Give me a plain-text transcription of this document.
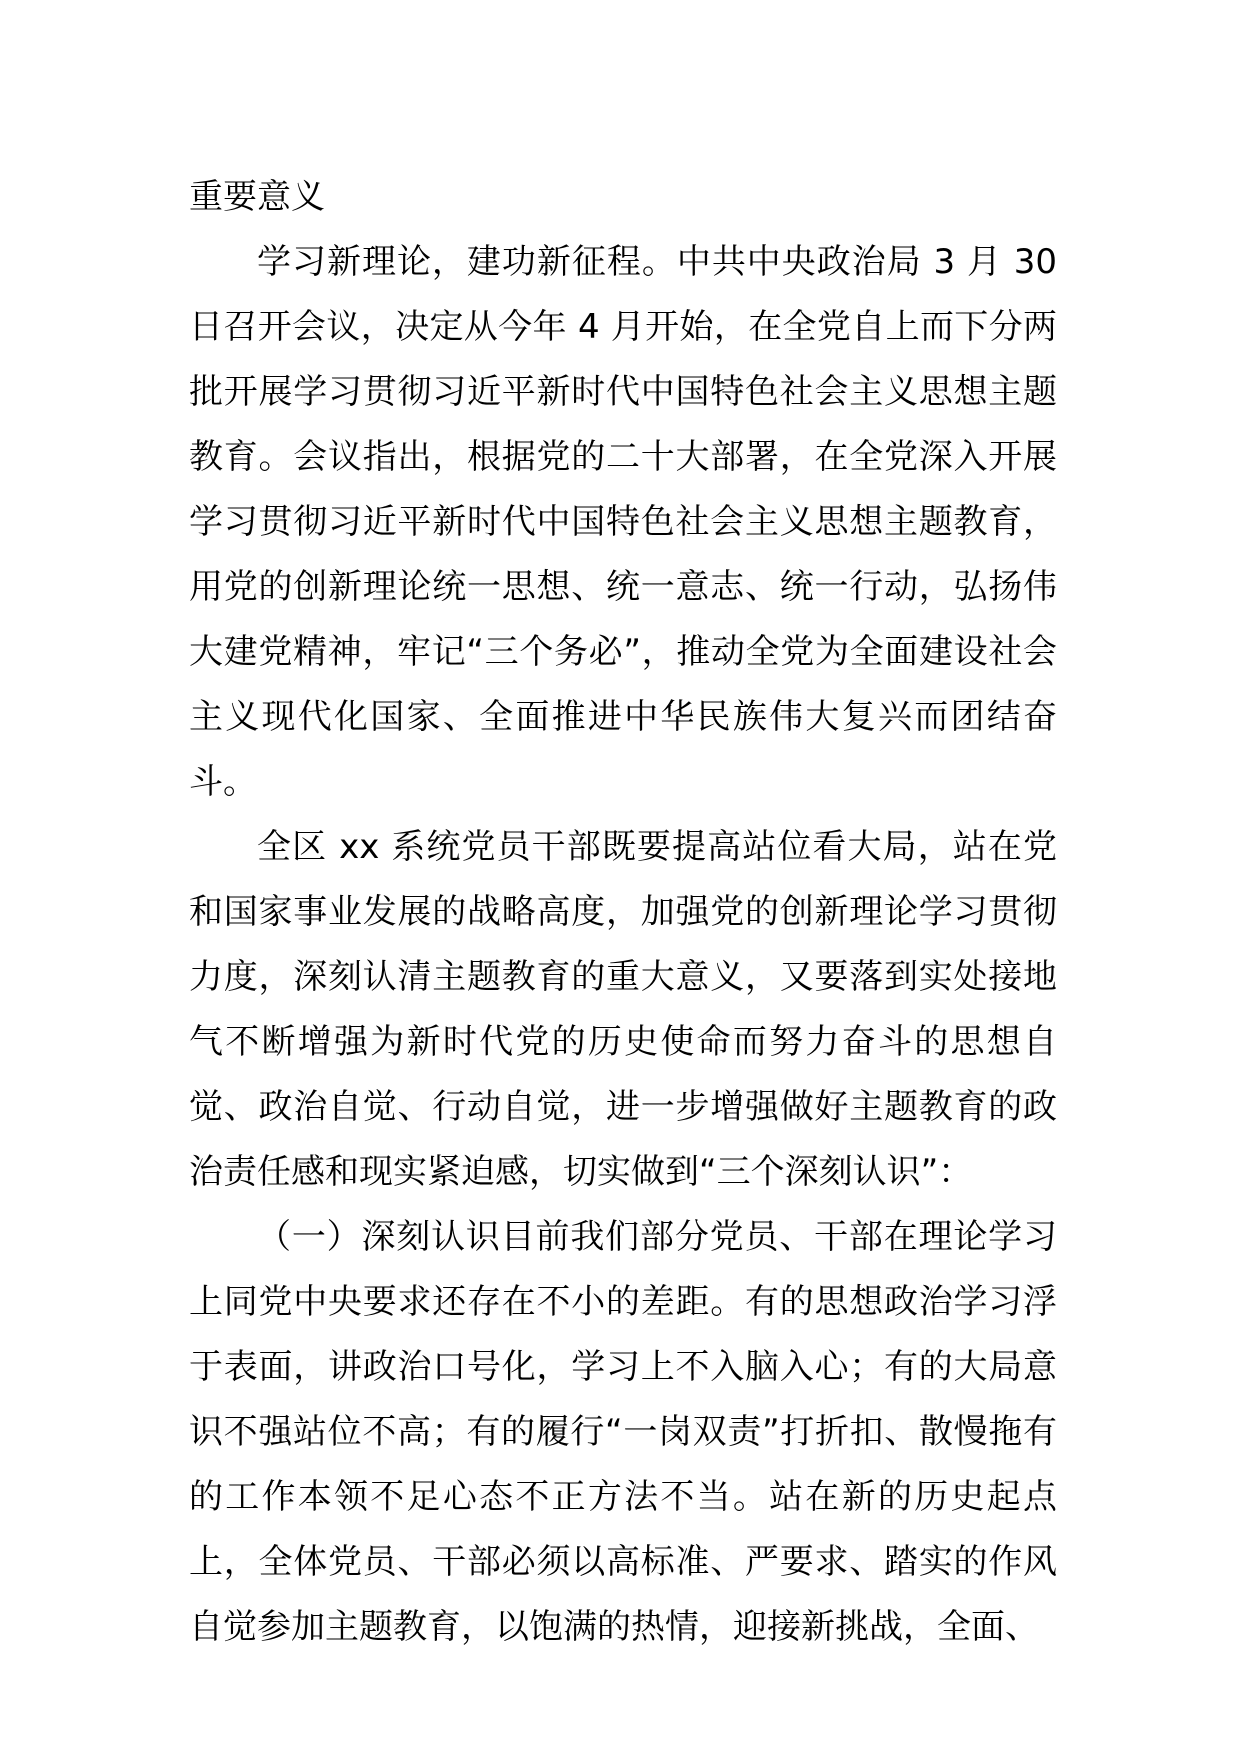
重要意义

学习新理论，建功新征程。中共中央政治局 3 月 30 日召开会议，决定从今年 4 月开始，在全党自上而下分两批开展学习贯彻习近平新时代中国特色社会主义思想主题教育。会议指出，根据党的二十大部署，在全党深入开展学习贯彻习近平新时代中国特色社会主义思想主题教育，用党的创新理论统一思想、统一意志、统一行动，弘扬伟大建党精神，牢记“三个务必”，推动全党为全面建设社会主义现代化国家、全面推进中华民族伟大复兴而团结奋斗。

全区 xx 系统党员干部既要提高站位看大局，站在党和国家事业发展的战略高度，加强党的创新理论学习贯彻力度，深刻认清主题教育的重大意义，又要落到实处接地气不断增强为新时代党的历史使命而努力奋斗的思想自觉、政治自觉、行动自觉，进一步增强做好主题教育的政治责任感和现实紧迫感，切实做到“三个深刻认识”：

（一）深刻认识目前我们部分党员、干部在理论学习上同党中央要求还存在不小的差距。有的思想政治学习浮于表面，讲政治口号化，学习上不入脑入心；有的大局意识不强站位不高；有的履行“一岗双责”打折扣、散慢拖有的工作本领不足心态不正方法不当。站在新的历史起点上，全体党员、干部必须以高标准、严要求、踏实的作风自觉参加主题教育，以饱满的热情，迎接新挑战，全面、
